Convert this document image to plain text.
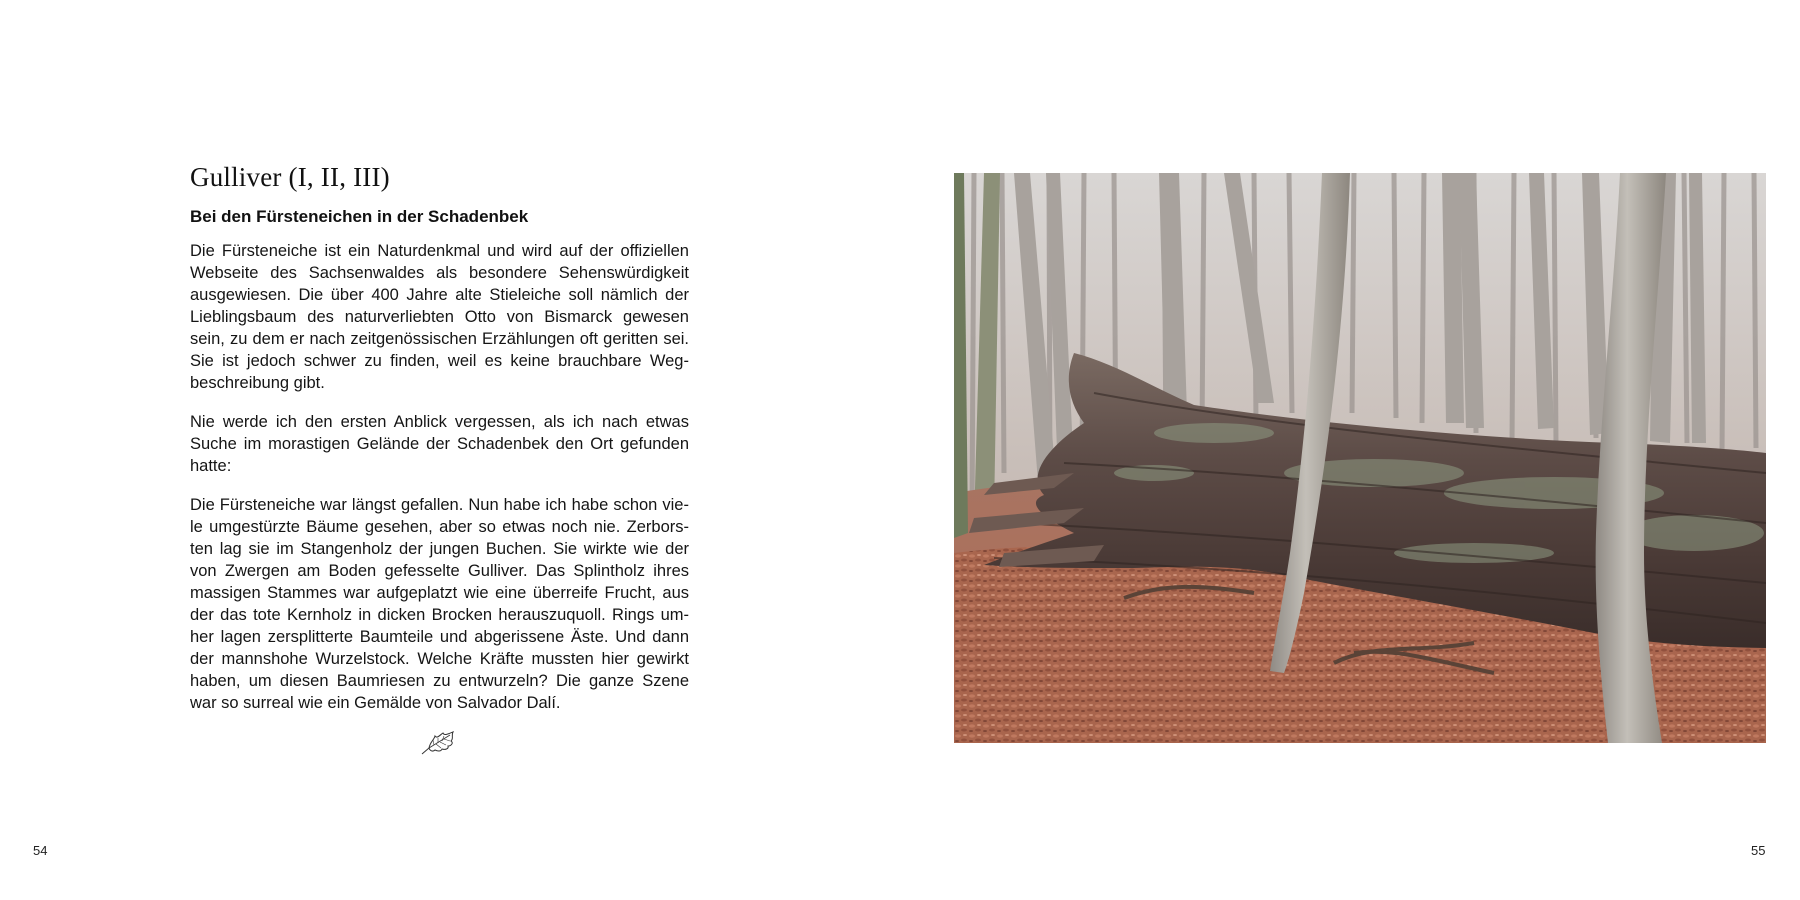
Gulliver (I, II, III)
Bei den Fürsteneichen in der Schadenbek

Die Fürsteneiche ist ein Naturdenkmal und wird auf der offiziellen Webseite des Sachsenwaldes als besondere Sehenswürdigkeit ausgewiesen. Die über 400 Jahre alte Stieleiche soll nämlich der Lieblingsbaum des naturverliebten Otto von Bismarck gewesen sein, zu dem er nach zeitgenössischen Erzählungen oft geritten sei. Sie ist jedoch schwer zu finden, weil es keine brauchbare Wegbeschreibung gibt.

Nie werde ich den ersten Anblick vergessen, als ich nach etwas Suche im morastigen Gelände der Schadenbek den Ort gefunden hatte:

Die Fürsteneiche war längst gefallen. Nun habe ich habe schon viele umgestürzte Bäume gesehen, aber so etwas noch nie. Zerborsten lag sie im Stangenholz der jungen Buchen. Sie wirkte wie der von Zwergen am Boden gefesselte Gulliver. Das Splintholz ihres massigen Stammes war aufgeplatzt wie eine überreife Frucht, aus der das tote Kernholz in dicken Brocken herauszuquoll. Rings umher lagen zersplitterte Baumteile und abgerissene Äste. Und dann der mannshohe Wurzelstock. Welche Kräfte mussten hier gewirkt haben, um diesen Baumriesen zu entwurzeln? Die ganze Szene war so surreal wie ein Gemälde von Salvador Dalí.

54	55
